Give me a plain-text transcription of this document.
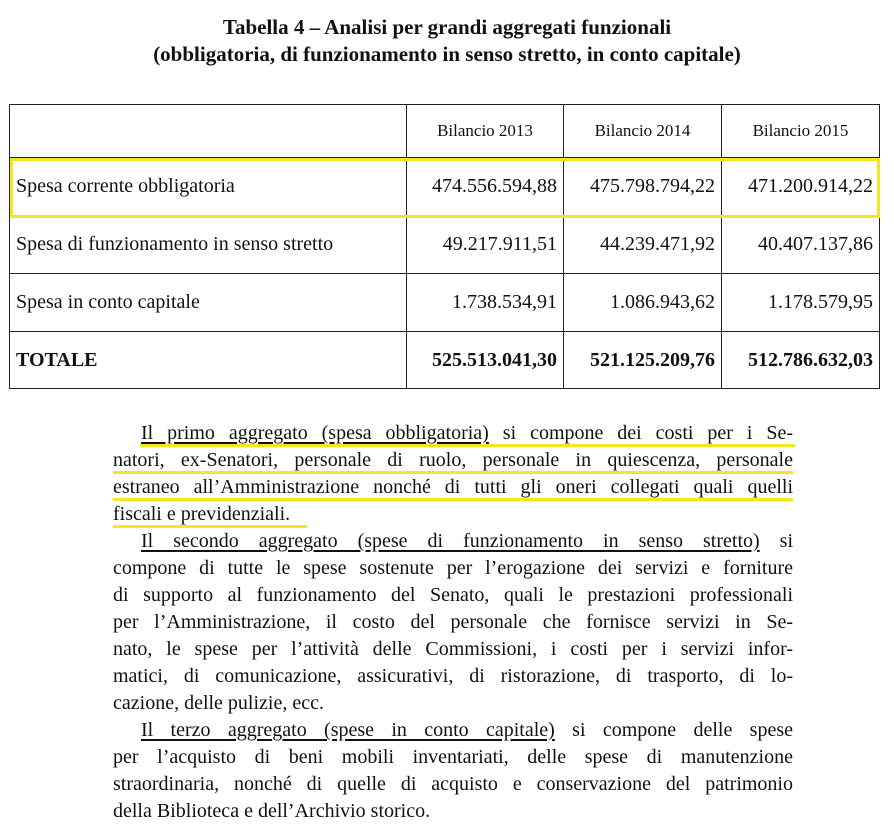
Tabella 4 – Analisi per grandi aggregati funzionali
(obbligatoria, di funzionamento in senso stretto, in conto capitale)
	Bilancio 2013	Bilancio 2014	Bilancio 2015
Spesa corrente obbligatoria	474.556.594,88	475.798.794,22	471.200.914,22
Spesa di funzionamento in senso stretto	49.217.911,51	44.239.471,92	40.407.137,86
Spesa in conto capitale	1.738.534,91	1.086.943,62	1.178.579,95
TOTALE	525.513.041,30	521.125.209,76	512.786.632,03

Il primo aggregato (spesa obbligatoria) si compone dei costi per i Se-
natori, ex-Senatori, personale di ruolo, personale in quiescenza, personale
estraneo all’Amministrazione nonché di tutti gli oneri collegati quali quelli
fiscali e previdenziali.

Il secondo aggregato (spese di funzionamento in senso stretto) si
compone di tutte le spese sostenute per l’erogazione dei servizi e forniture
di supporto al funzionamento del Senato, quali le prestazioni professionali
per l’Amministrazione, il costo del personale che fornisce servizi in Se-
nato, le spese per l’attività delle Commissioni, i costi per i servizi infor-
matici, di comunicazione, assicurativi, di ristorazione, di trasporto, di lo-
cazione, delle pulizie, ecc.

Il terzo aggregato (spese in conto capitale) si compone delle spese
per l’acquisto di beni mobili inventariati, delle spese di manutenzione
straordinaria, nonché di quelle di acquisto e conservazione del patrimonio
della Biblioteca e dell’Archivio storico.
